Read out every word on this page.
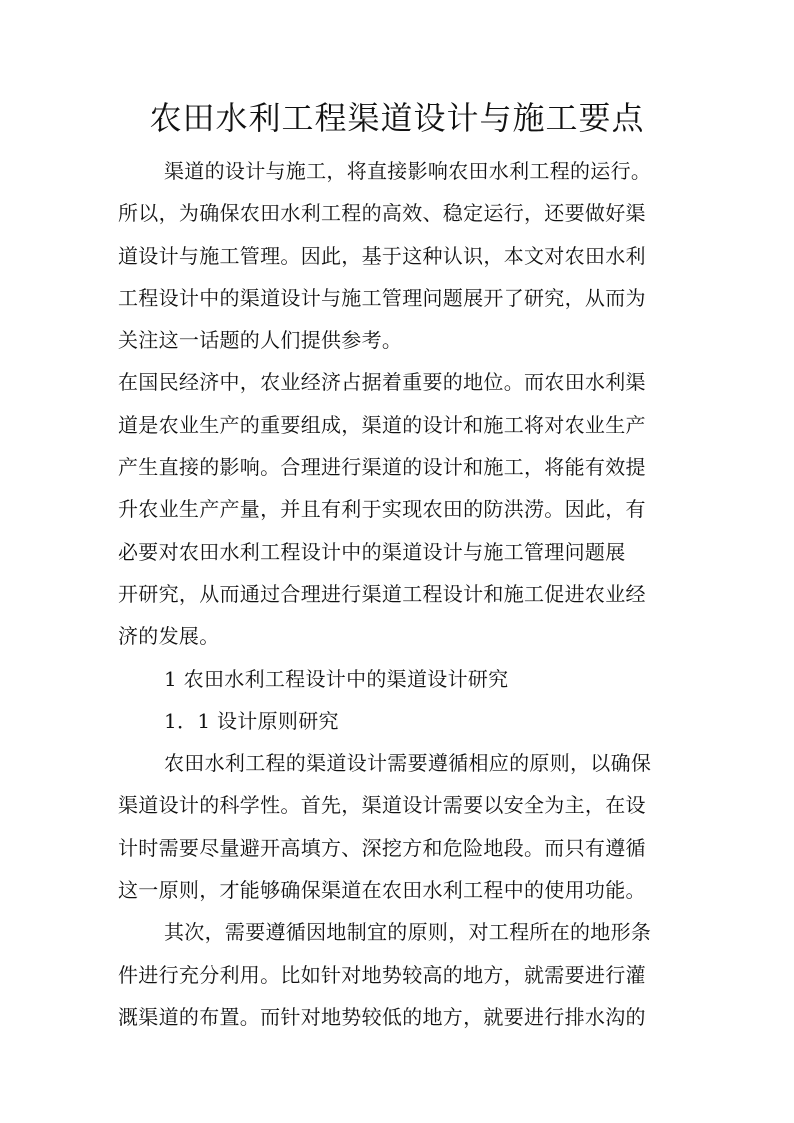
农田水利工程渠道设计与施工要点
渠道的设计与施工，将直接影响农田水利工程的运行。
所以，为确保农田水利工程的高效、稳定运行，还要做好渠
道设计与施工管理。因此，基于这种认识，本文对农田水利
工程设计中的渠道设计与施工管理问题展开了研究，从而为
关注这一话题的人们提供参考。
在国民经济中，农业经济占据着重要的地位。而农田水利渠
道是农业生产的重要组成，渠道的设计和施工将对农业生产
产生直接的影响。合理进行渠道的设计和施工，将能有效提
升农业生产产量，并且有利于实现农田的防洪涝。因此，有
必要对农田水利工程设计中的渠道设计与施工管理问题展
开研究，从而通过合理进行渠道工程设计和施工促进农业经
济的发展。
1 农田水利工程设计中的渠道设计研究
1．1 设计原则研究
农田水利工程的渠道设计需要遵循相应的原则，以确保
渠道设计的科学性。首先，渠道设计需要以安全为主，在设
计时需要尽量避开高填方、深挖方和危险地段。而只有遵循
这一原则，才能够确保渠道在农田水利工程中的使用功能。
其次，需要遵循因地制宜的原则，对工程所在的地形条
件进行充分利用。比如针对地势较高的地方，就需要进行灌
溉渠道的布置。而针对地势较低的地方，就要进行排水沟的
